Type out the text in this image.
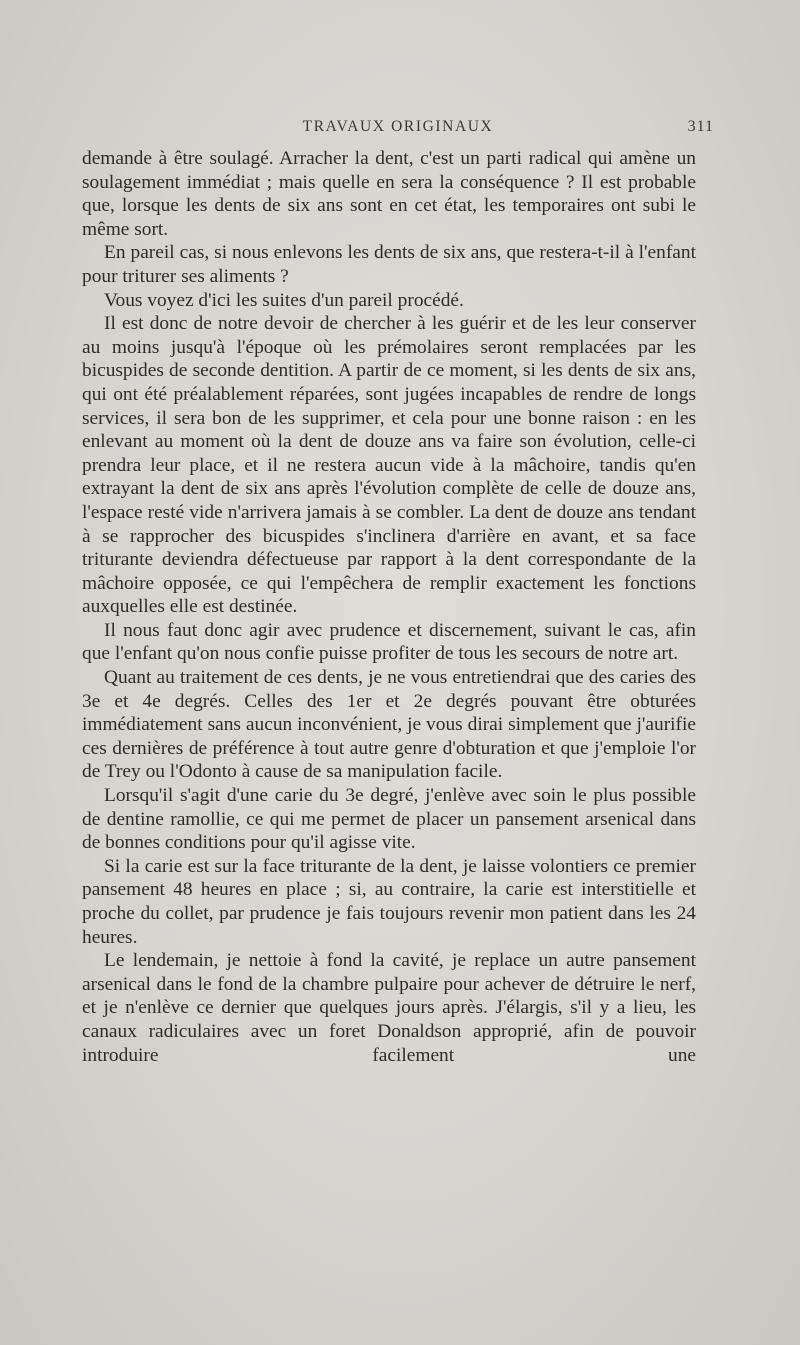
TRAVAUX ORIGINAUX	311

demande à être soulagé. Arracher la dent, c'est un parti radical qui amène un soulagement immédiat ; mais quelle en sera la conséquence ? Il est probable que, lorsque les dents de six ans sont en cet état, les temporaires ont subi le même sort.

En pareil cas, si nous enlevons les dents de six ans, que restera-t-il à l'enfant pour triturer ses aliments ?

Vous voyez d'ici les suites d'un pareil procédé.

Il est donc de notre devoir de chercher à les guérir et de les leur conserver au moins jusqu'à l'époque où les prémolaires seront remplacées par les bicuspides de seconde dentition. A partir de ce moment, si les dents de six ans, qui ont été préalablement réparées, sont jugées incapables de rendre de longs services, il sera bon de les supprimer, et cela pour une bonne raison : en les enlevant au moment où la dent de douze ans va faire son évolution, celle-ci prendra leur place, et il ne restera aucun vide à la mâchoire, tandis qu'en extrayant la dent de six ans après l'évolution complète de celle de douze ans, l'espace resté vide n'arrivera jamais à se combler. La dent de douze ans tendant à se rapprocher des bicuspides s'inclinera d'arrière en avant, et sa face triturante deviendra défectueuse par rapport à la dent correspondante de la mâchoire opposée, ce qui l'empêchera de remplir exactement les fonctions auxquelles elle est destinée.

Il nous faut donc agir avec prudence et discernement, suivant le cas, afin que l'enfant qu'on nous confie puisse profiter de tous les secours de notre art.

Quant au traitement de ces dents, je ne vous entretiendrai que des caries des 3e et 4e degrés. Celles des 1er et 2e degrés pouvant être obturées immédiatement sans aucun inconvénient, je vous dirai simplement que j'aurifie ces dernières de préférence à tout autre genre d'obturation et que j'emploie l'or de Trey ou l'Odonto à cause de sa manipulation facile.

Lorsqu'il s'agit d'une carie du 3e degré, j'enlève avec soin le plus possible de dentine ramollie, ce qui me permet de placer un pansement arsenical dans de bonnes conditions pour qu'il agisse vite.

Si la carie est sur la face triturante de la dent, je laisse volontiers ce premier pansement 48 heures en place ; si, au contraire, la carie est interstitielle et proche du collet, par prudence je fais toujours revenir mon patient dans les 24 heures.

Le lendemain, je nettoie à fond la cavité, je replace un autre pansement arsenical dans le fond de la chambre pulpaire pour achever de détruire le nerf, et je n'enlève ce dernier que quelques jours après. J'élargis, s'il y a lieu, les canaux radiculaires avec un foret Donaldson approprié, afin de pouvoir introduire facilement une
